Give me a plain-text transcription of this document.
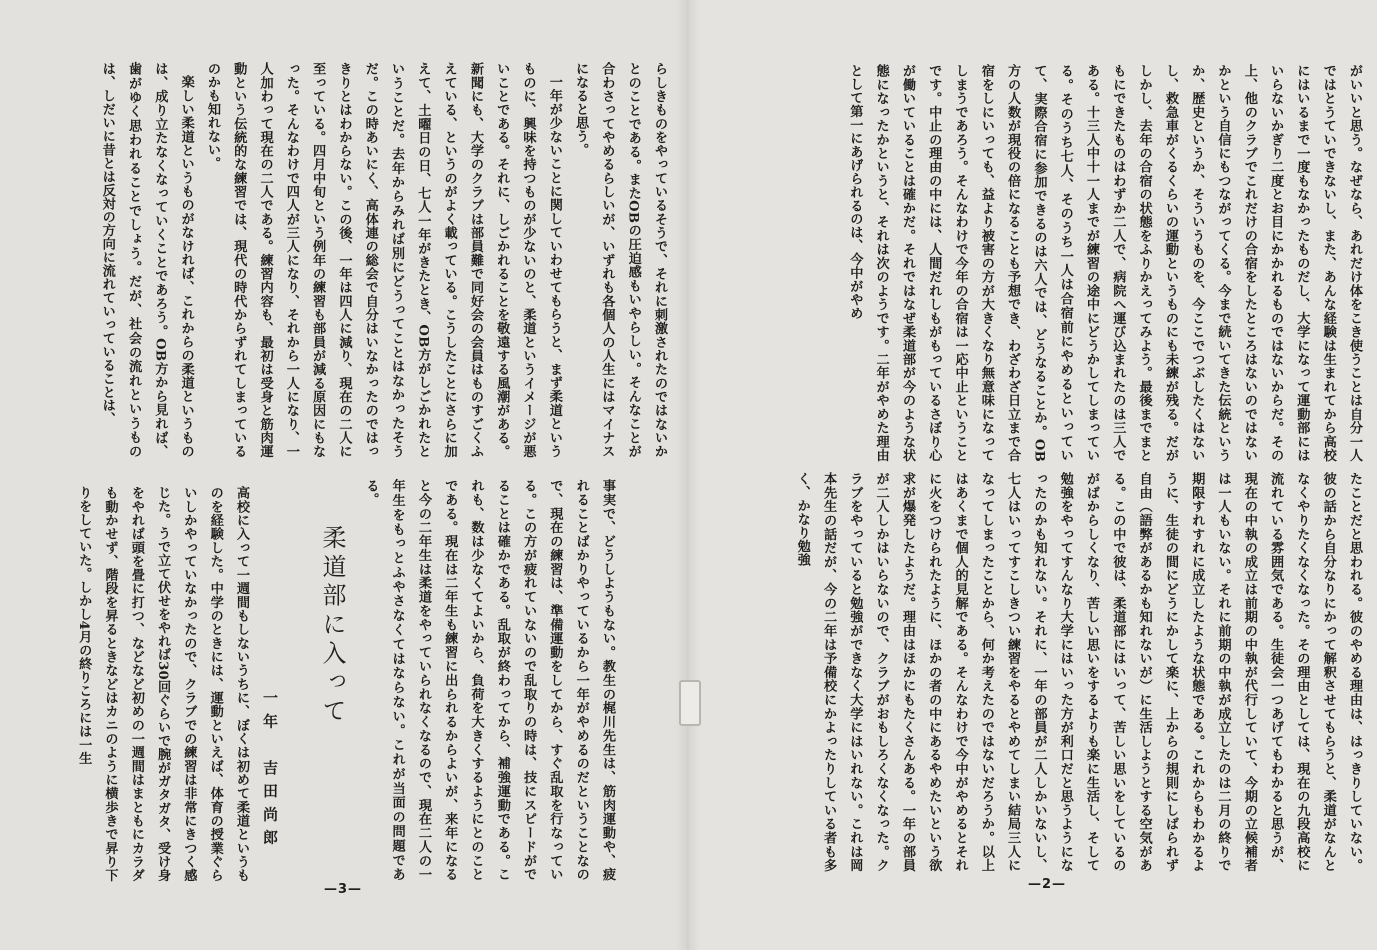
らしきものをやっているそうで、それに刺激されたのではないかとのことである。またOBの圧迫感もいやらしい。そんなことが合わさってやめるらしいが、いずれも各個人の人生にはマイナスになると思う。

一年が少ないことに関していわせてもらうと、まず柔道というものに、興味を持つものが少ないのと、柔道というイメージが悪いことである。それに、しごかれることを敬遠する風潮がある。新聞にも、大学のクラブは部員難で同好会の会員はものすごくふえている、というのがよく載っている。こうしたことにさらに加えて、土曜日の日、七人一年がきたとき、OB方がしごかれたということだ。去年からみれば別にどうってことはなかったそうだ。この時あいにく、高体連の総会で自分はいなかったのではっきりとはわからない。この後、一年は四人に減り、現在の二人に至っている。四月中旬という例年の練習も部員が減る原因にもなった。そんなわけで四人が三人になり、それから一人になり、一人加わって現在の二人である。練習内容も、最初は受身と筋肉運動という伝統的な練習では、現代の時代からずれてしまっているのかも知れない。

楽しい柔道というものがなければ、これからの柔道というものは、成り立たなくなっていくことであろう。OB方から見れば、歯がゆく思われることでしょう。だが、社会の流れというものは、しだいに昔とは反対の方向に流れていっていることは、

事実で、どうしようもない。教生の梶川先生は、筋肉運動や、疲れることばかりやっているから一年がやめるのだということなので、現在の練習は、準備運動をしてから、すぐ乱取を行なっている。この方が疲れていないので乱取りの時は、技にスピードがでることは確かである。乱取が終わってから、補強運動である。これも、数は少なくてよいから、負荷を大きくするようにとのことである。現在は二年生も練習に出られるからよいが、来年になると今の二年生は柔道をやっていられなくなるので、現在二人の一年生をもっとふやさなくてはならない。これが当面の問題である。
柔道部に入って
一年　吉田尚郎
高校に入って一週間もしないうちに、ぼくは初めて柔道というものを経験した。中学のときには、運動といえば、体育の授業ぐらいしかやっていなかったので、クラブでの練習は非常にきつく感じた。うで立て伏せをやれば30回ぐらいで腕がガタガタ、受け身をやれば頭を畳に打つ、などなど初めの一週間はまともにカラダも動かせず、階段を昇るときなどはカニのように横歩きで昇り下りをしていた。しかし4月の終りころには一生
—3—

がいいと思う。なぜなら、あれだけ体をこき使うことは自分一人ではとうていできないし、また、あんな経験は生まれてから高校にはいるまで一度もなかったものだし、大学になって運動部にはいらないかぎり二度とお目にかかれるものではないからだ。その上、他のクラブでこれだけの合宿をしたところはないのではないかという自信にもつながってくる。今まで続いてきた伝統というか、歴史というか、そういうものを、今ここでつぶしたくはないし、救急車がくるくらいの運動というものにも未練が残る。だがしかし、去年の合宿の状態をふりかえってみよう。最後までまともにできたものはわずか二人で、病院へ運び込まれたのは三人である。十三人中十一人までが練習の途中にどうかしてしまっている。そのうち七人、そのうち一人は合宿前にやめるといっていて、実際合宿に参加できるのは六人では、どうなることか。OB方の人数が現役の倍になることも予想でき、わざわざ日立まで合宿をしにいっても、益より被害の方が大きくなり無意味になってしまうであろう。そんなわけで今年の合宿は一応中止ということです。中止の理由の中には、人間だれしもがもっているさぼり心が働いていることは確かだ。それではなぜ柔道部が今のような状態になったかというと、それは次のようです。二年がやめた理由として第一にあげられるのは、今中がやめ

たことだと思われる。彼のやめる理由は、はっきりしていない。彼の話から自分なりにかって解釈させてもらうと、柔道がなんとなくやりたくなくなった。その理由としては、現在の九段高校に流れている雰囲気である。生徒会一つあげてもわかると思うが、現在の中執の成立は前期の中執が代行していて、今期の立候補者は一人もいない。それに前期の中執が成立したのは二月の終りで期限すれすれに成立したような状態である。これからもわかるように、生徒の間にどうにかして楽に、上からの規則にしばられず自由（語弊があるかも知れないが）に生活しようとする空気がある。この中で彼は、柔道部にはいって、苦しい思いをしているのがばからしくなり、苦しい思いをするよりも楽に生活し、そして勉強をやってすんなり大学にはいった方が利口だと思うようになったのかも知れない。それに、一年の部員が二人しかいないし、七人はいってすこしきつい練習をやるとやめてしまい結局三人になってしまったことから、何か考えたのではないだろうか。以上はあくまで個人的見解である。そんなわけで今中がやめるとそれに火をつけられたように、ほかの者の中にあるやめたいという欲求が爆発したようだ。理由はほかにもたくさんある。一年の部員が二人しかはいらないので、クラブがおもしろくなくなった。クラブをやっていると勉強ができなく大学にはいれない。これは岡本先生の話だが、今の二年は予備校にかよったりしている者も多く、かなり勉強

—2—
